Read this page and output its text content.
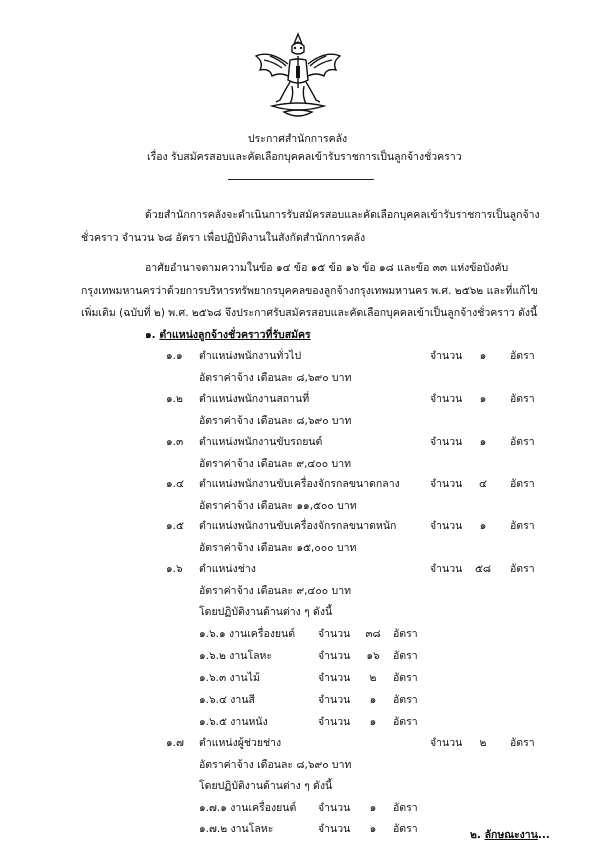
ประกาศสำนักการคลัง
เรื่อง รับสมัครสอบและคัดเลือกบุคคลเข้ารับราชการเป็นลูกจ้างชั่วคราว
ด้วยสำนักการคลังจะดำเนินการรับสมัครสอบและคัดเลือกบุคคลเข้ารับราชการเป็นลูกจ้าง
ชั่วคราว จำนวน ๖๘ อัตรา เพื่อปฏิบัติงานในสังกัดสำนักการคลัง
อาศัยอำนาจตามความในข้อ ๑๔ ข้อ ๑๕ ข้อ ๑๖ ข้อ ๑๘ และข้อ ๓๓ แห่งข้อบังคับ
กรุงเทพมหานครว่าด้วยการบริหารทรัพยากรบุคคลของลูกจ้างกรุงเทพมหานคร พ.ศ. ๒๕๖๒ และที่แก้ไข
เพิ่มเติม (ฉบับที่ ๒) พ.ศ. ๒๕๖๘ จึงประกาศรับสมัครสอบและคัดเลือกบุคคลเข้าเป็นลูกจ้างชั่วคราว ดังนี้
๑. ตำแหน่งลูกจ้างชั่วคราวที่รับสมัคร
๑.๑ ตำแหน่งพนักงานทั่วไป	จำนวน	๑	อัตรา
อัตราค่าจ้าง เดือนละ ๘,๖๙๐ บาท
๑.๒ ตำแหน่งพนักงานสถานที่	จำนวน	๑	อัตรา
อัตราค่าจ้าง เดือนละ ๘,๖๙๐ บาท
๑.๓ ตำแหน่งพนักงานขับรถยนต์	จำนวน	๑	อัตรา
อัตราค่าจ้าง เดือนละ ๙,๔๐๐ บาท
๑.๔ ตำแหน่งพนักงานขับเครื่องจักรกลขนาดกลาง	จำนวน	๔	อัตรา
อัตราค่าจ้าง เดือนละ ๑๑,๕๐๐ บาท
๑.๕ ตำแหน่งพนักงานขับเครื่องจักรกลขนาดหนัก	จำนวน	๑	อัตรา
อัตราค่าจ้าง เดือนละ ๑๕,๐๐๐ บาท
๑.๖ ตำแหน่งช่าง	จำนวน	๕๘	อัตรา
อัตราค่าจ้าง เดือนละ ๙,๔๐๐ บาท
โดยปฏิบัติงานด้านต่าง ๆ ดังนี้
๑.๖.๑ งานเครื่องยนต์ จำนวน	๓๘	อัตรา
๑.๖.๒ งานโลหะ	จำนวน	๑๖	อัตรา
๑.๖.๓ งานไม้	จำนวน	๒	อัตรา
๑.๖.๔ งานสี	จำนวน	๑	อัตรา
๑.๖.๕ งานหนัง	จำนวน	๑	อัตรา
๑.๗ ตำแหน่งผู้ช่วยช่าง	จำนวน	๒	อัตรา
อัตราค่าจ้าง เดือนละ ๘,๖๙๐ บาท
โดยปฏิบัติงานด้านต่าง ๆ ดังนี้
๑.๗.๑ งานเครื่องยนต์ จำนวน	๑	อัตรา
๑.๗.๒ งานโลหะ	จำนวน	๑	อัตรา	๒. ลักษณะงาน...
